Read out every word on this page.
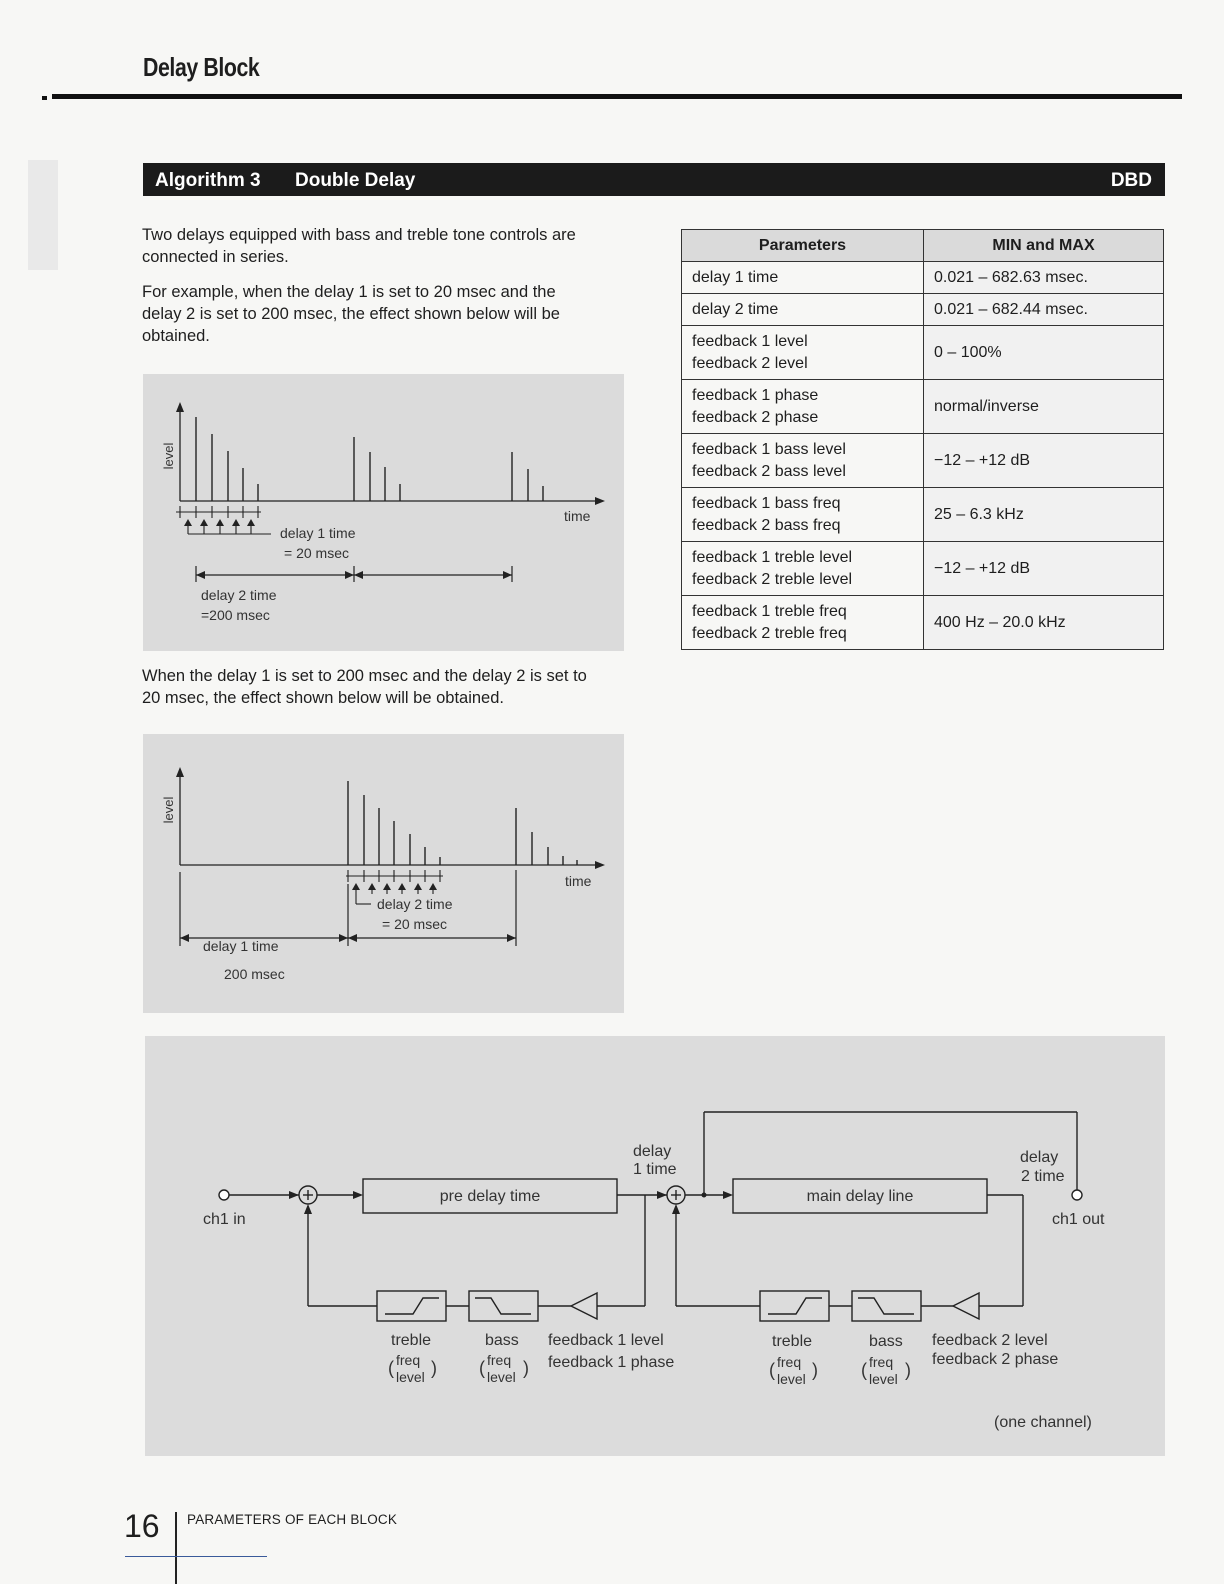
Delay Block
Algorithm 3 Double Delay	DBD
Two delays equipped with bass and treble tone controls are
connected in series.
For example, when the delay 1 is set to 20 msec and the
delay 2 is set to 200 msec, the effect shown below will be
obtained.
level
time
delay 1 time
= 20 msec
delay 2 time
=200 msec
When the delay 1 is set to 200 msec and the delay 2 is set to
20 msec, the effect shown below will be obtained.
level
time
delay 2 time
= 20 msec
delay 1 time
200 msec
Parameters	MIN and MAX

delay 1 time	0.021 – 682.63 msec.

delay 2 time	0.021 – 682.44 msec.

feedback 1 level
feedback 2 level	0 – 100%

feedback 1 phase
feedback 2 phase	normal/inverse

feedback 1 bass level
feedback 2 bass level	−12 – +12 dB

feedback 1 bass freq
feedback 2 bass freq	25 – 6.3 kHz

feedback 1 treble level
feedback 2 treble level	−12 – +12 dB

feedback 1 treble freq
feedback 2 treble freq	400 Hz – 20.0 kHz
ch1 in	ch1 out
pre delay time	main delay line
delay
1 time
delay
2 time
treble	bass feedback 1 level
feedback 1 phase
freq
level
freq
level
treble	bass feedback 2 level
feedback 2 phase
freq
level
freq
level
( ) ( )	( ) ( )
(one channel)
16 PARAMETERS OF EACH BLOCK
